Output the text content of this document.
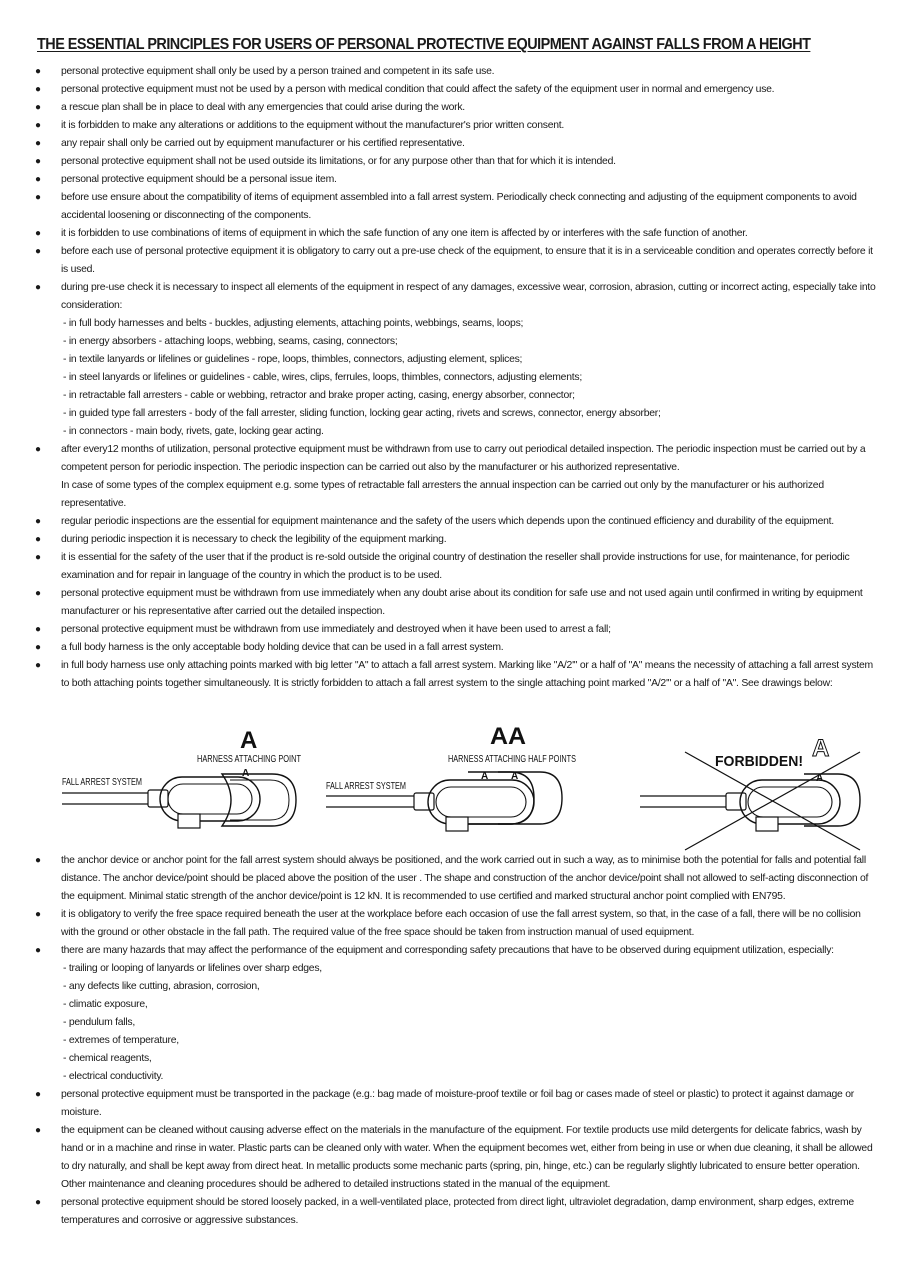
THE ESSENTIAL PRINCIPLES FOR USERS OF PERSONAL PROTECTIVE EQUIPMENT AGAINST FALLS FROM A HEIGHT
● personal protective equipment shall only be used by a person trained and competent in its safe use.
● personal protective equipment must not be used by a person with medical condition that could affect the safety of the equipment user in normal and emergency use.
● a rescue plan shall be in place to deal with any emergencies that could arise during the work.
● it is forbidden to make any alterations or additions to the equipment without the manufacturer's prior written consent.
● any repair shall only be carried out by equipment manufacturer or his certified representative.
● personal protective equipment shall not be used outside its limitations, or for any purpose other than that for which it is intended.
● personal protective equipment should be a personal issue item.
● before use ensure about the compatibility of items of equipment assembled into a fall arrest system. Periodically check connecting and adjusting of the equipment components to avoid accidental loosening or disconnecting of the components.
● it is forbidden to use combinations of items of equipment in which the safe function of any one item is affected by or interferes with the safe function of another.
● before each use of personal protective equipment it is obligatory to carry out a pre-use check of the equipment, to ensure that it is in a serviceable condition and operates correctly before it is used.
● during pre-use check it is necessary to inspect all elements of the equipment in respect of any damages, excessive wear, corrosion, abrasion, cutting or incorrect acting, especially take into consideration:
- in full body harnesses and belts - buckles, adjusting elements, attaching points, webbings, seams, loops;
- in energy absorbers - attaching loops, webbing, seams, casing, connectors;
- in textile lanyards or lifelines or guidelines - rope, loops, thimbles, connectors, adjusting element, splices;
- in steel lanyards or lifelines or guidelines - cable, wires, clips, ferrules, loops, thimbles, connectors, adjusting elements;
- in retractable fall arresters - cable or webbing, retractor and brake proper acting, casing, energy absorber, connector;
- in guided type fall arresters - body of the fall arrester, sliding function, locking gear acting, rivets and screws, connector, energy absorber;
- in connectors - main body, rivets, gate, locking gear acting.
● after every12 months of utilization, personal protective equipment must be withdrawn from use to carry out periodical detailed inspection. The periodic inspection must be carried out by a competent person for periodic inspection. The periodic inspection can be carried out also by the manufacturer or his authorized representative.
In case of some types of the complex equipment e.g. some types of retractable fall arresters the annual inspection can be carried out only by the manufacturer or his authorized representative.
● regular periodic inspections are the essential for equipment maintenance and the safety of the users which depends upon the continued efficiency and durability of the equipment.
● during periodic inspection it is necessary to check the legibility of the equipment marking.
● it is essential for the safety of the user that if the product is re-sold outside the original country of destination the reseller shall provide instructions for use, for maintenance, for periodic examination and for repair in language of the country in which the product is to be used.
● personal protective equipment must be withdrawn from use immediately when any doubt arise about its condition for safe use and not used again until confirmed in writing by equipment manufacturer or his representative after carried out the detailed inspection.
● personal protective equipment must be withdrawn from use immediately and destroyed when it have been used to arrest a fall;
● a full body harness is the only acceptable body holding device that can be used in a fall arrest system.
● in full body harness use only attaching points marked with big letter "A" to attach a fall arrest system. Marking like "A/2'" or a half of "A" means the necessity of attaching a fall arrest system to both attaching points together simultaneously. It is strictly forbidden to attach a fall arrest system to the single attaching point marked "A/2'" or a half of "A". See drawings below:
A
HARNESS ATTACHING POINT
FALL ARREST SYSTEM
A
AA
HARNESS ATTACHING HALF POINTS
FALL ARREST SYSTEM
A A
FORBIDDEN! A
A
● the anchor device or anchor point for the fall arrest system should always be positioned, and the work carried out in such a way, as to minimise both the potential for falls and potential fall distance. The anchor device/point should be placed above the position of the user . The shape and construction of the anchor device/point shall not allowed to self-acting disconnection of the equipment. Minimal static strength of the anchor device/point is 12 kN. It is recommended to use certified and marked structural anchor point complied with EN795.
● it is obligatory to verify the free space required beneath the user at the workplace before each occasion of use the fall arrest system, so that, in the case of a fall, there will be no collision with the ground or other obstacle in the fall path. The required value of the free space should be taken from instruction manual of used equipment.
● there are many hazards that may affect the performance of the equipment and corresponding safety precautions that have to be observed during equipment utilization, especially:
- trailing or looping of lanyards or lifelines over sharp edges,
- any defects like cutting, abrasion, corrosion,
- climatic exposure,
- pendulum falls,
- extremes of temperature,
- chemical reagents,
- electrical conductivity.
● personal protective equipment must be transported in the package (e.g.: bag made of moisture-proof textile or foil bag or cases made of steel or plastic) to protect it against damage or moisture.
● the equipment can be cleaned without causing adverse effect on the materials in the manufacture of the equipment. For textile products use mild detergents for delicate fabrics, wash by hand or in a machine and rinse in water. Plastic parts can be cleaned only with water. When the equipment becomes wet, either from being in use or when due cleaning, it shall be allowed to dry naturally, and shall be kept away from direct heat. In metallic products some mechanic parts (spring, pin, hinge, etc.) can be regularly slightly lubricated to ensure better operation.
Other maintenance and cleaning procedures should be adhered to detailed instructions stated in the manual of the equipment.
● personal protective equipment should be stored loosely packed, in a well-ventilated place, protected from direct light, ultraviolet degradation, damp environment, sharp edges, extreme temperatures and corrosive or aggressive substances.
